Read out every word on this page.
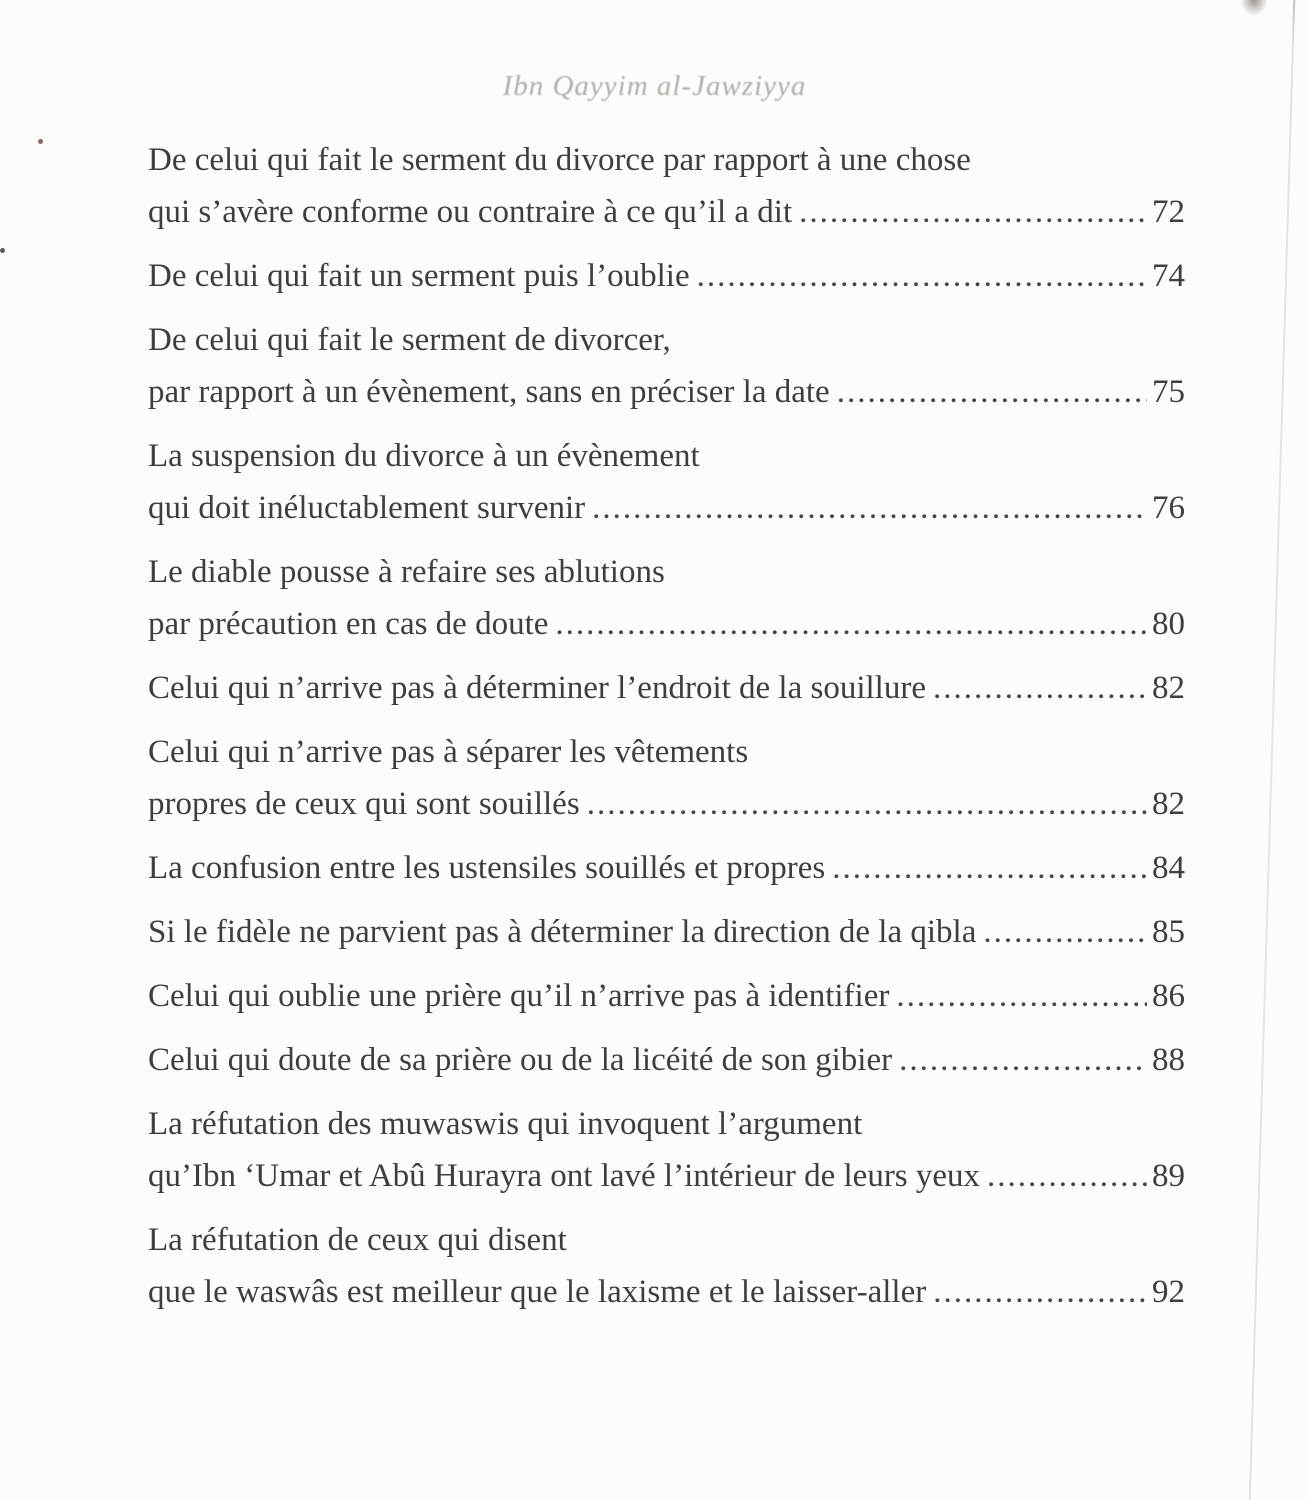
Ibn Qayyim al-Jawziyya
De celui qui fait le serment du divorce par rapport à une chose
qui s’avère conforme ou contraire à ce qu’il a dit .....	72
De celui qui fait un serment puis l’oublie .....	74
De celui qui fait le serment de divorcer,
par rapport à un évènement, sans en préciser la date .....	75
La suspension du divorce à un évènement
qui doit inéluctablement survenir .....	76
Le diable pousse à refaire ses ablutions
par précaution en cas de doute .....	80
Celui qui n’arrive pas à déterminer l’endroit de la souillure .....	82
Celui qui n’arrive pas à séparer les vêtements
propres de ceux qui sont souillés .....	82
La confusion entre les ustensiles souillés et propres .....	84
Si le fidèle ne parvient pas à déterminer la direction de la qibla .....	85
Celui qui oublie une prière qu’il n’arrive pas à identifier .....	86
Celui qui doute de sa prière ou de la licéité de son gibier .....	88
La réfutation des muwaswis qui invoquent l’argument
qu’Ibn ‘Umar et Abû Hurayra ont lavé l’intérieur de leurs yeux .....	89
La réfutation de ceux qui disent
que le waswâs est meilleur que le laxisme et le laisser-aller .....	92
